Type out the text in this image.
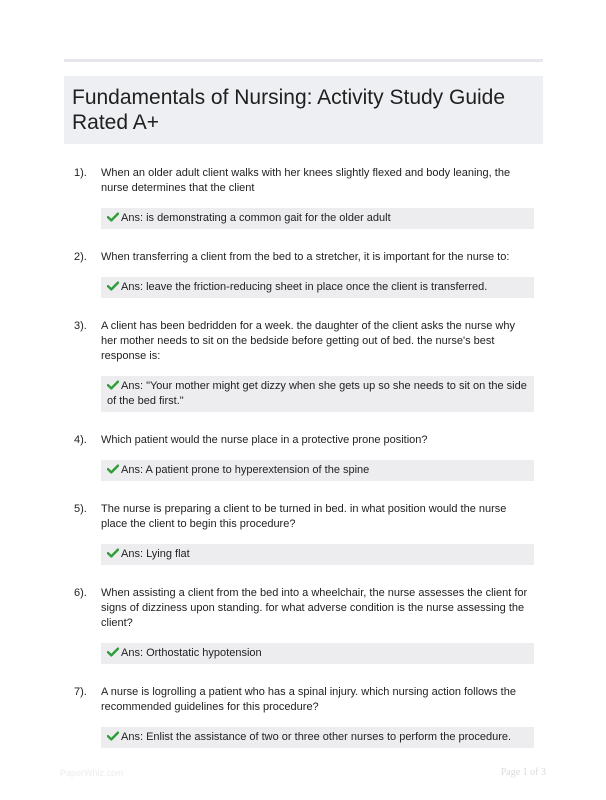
Fundamentals of Nursing: Activity Study Guide Rated A+
1). When an older adult client walks with her knees slightly flexed and body leaning, the nurse determines that the client
Ans: is demonstrating a common gait for the older adult
2). When transferring a client from the bed to a stretcher, it is important for the nurse to:
Ans: leave the friction-reducing sheet in place once the client is transferred.
3). A client has been bedridden for a week. the daughter of the client asks the nurse why her mother needs to sit on the bedside before getting out of bed. the nurse's best response is:
Ans: "Your mother might get dizzy when she gets up so she needs to sit on the side of the bed first."
4). Which patient would the nurse place in a protective prone position?
Ans: A patient prone to hyperextension of the spine
5). The nurse is preparing a client to be turned in bed. in what position would the nurse place the client to begin this procedure?
Ans: Lying flat
6). When assisting a client from the bed into a wheelchair, the nurse assesses the client for signs of dizziness upon standing. for what adverse condition is the nurse assessing the client?
Ans: Orthostatic hypotension
7). A nurse is logrolling a patient who has a spinal injury. which nursing action follows the recommended guidelines for this procedure?
Ans: Enlist the assistance of two or three other nurses to perform the procedure.
PaperWhiz.com	Page 1 of 3
